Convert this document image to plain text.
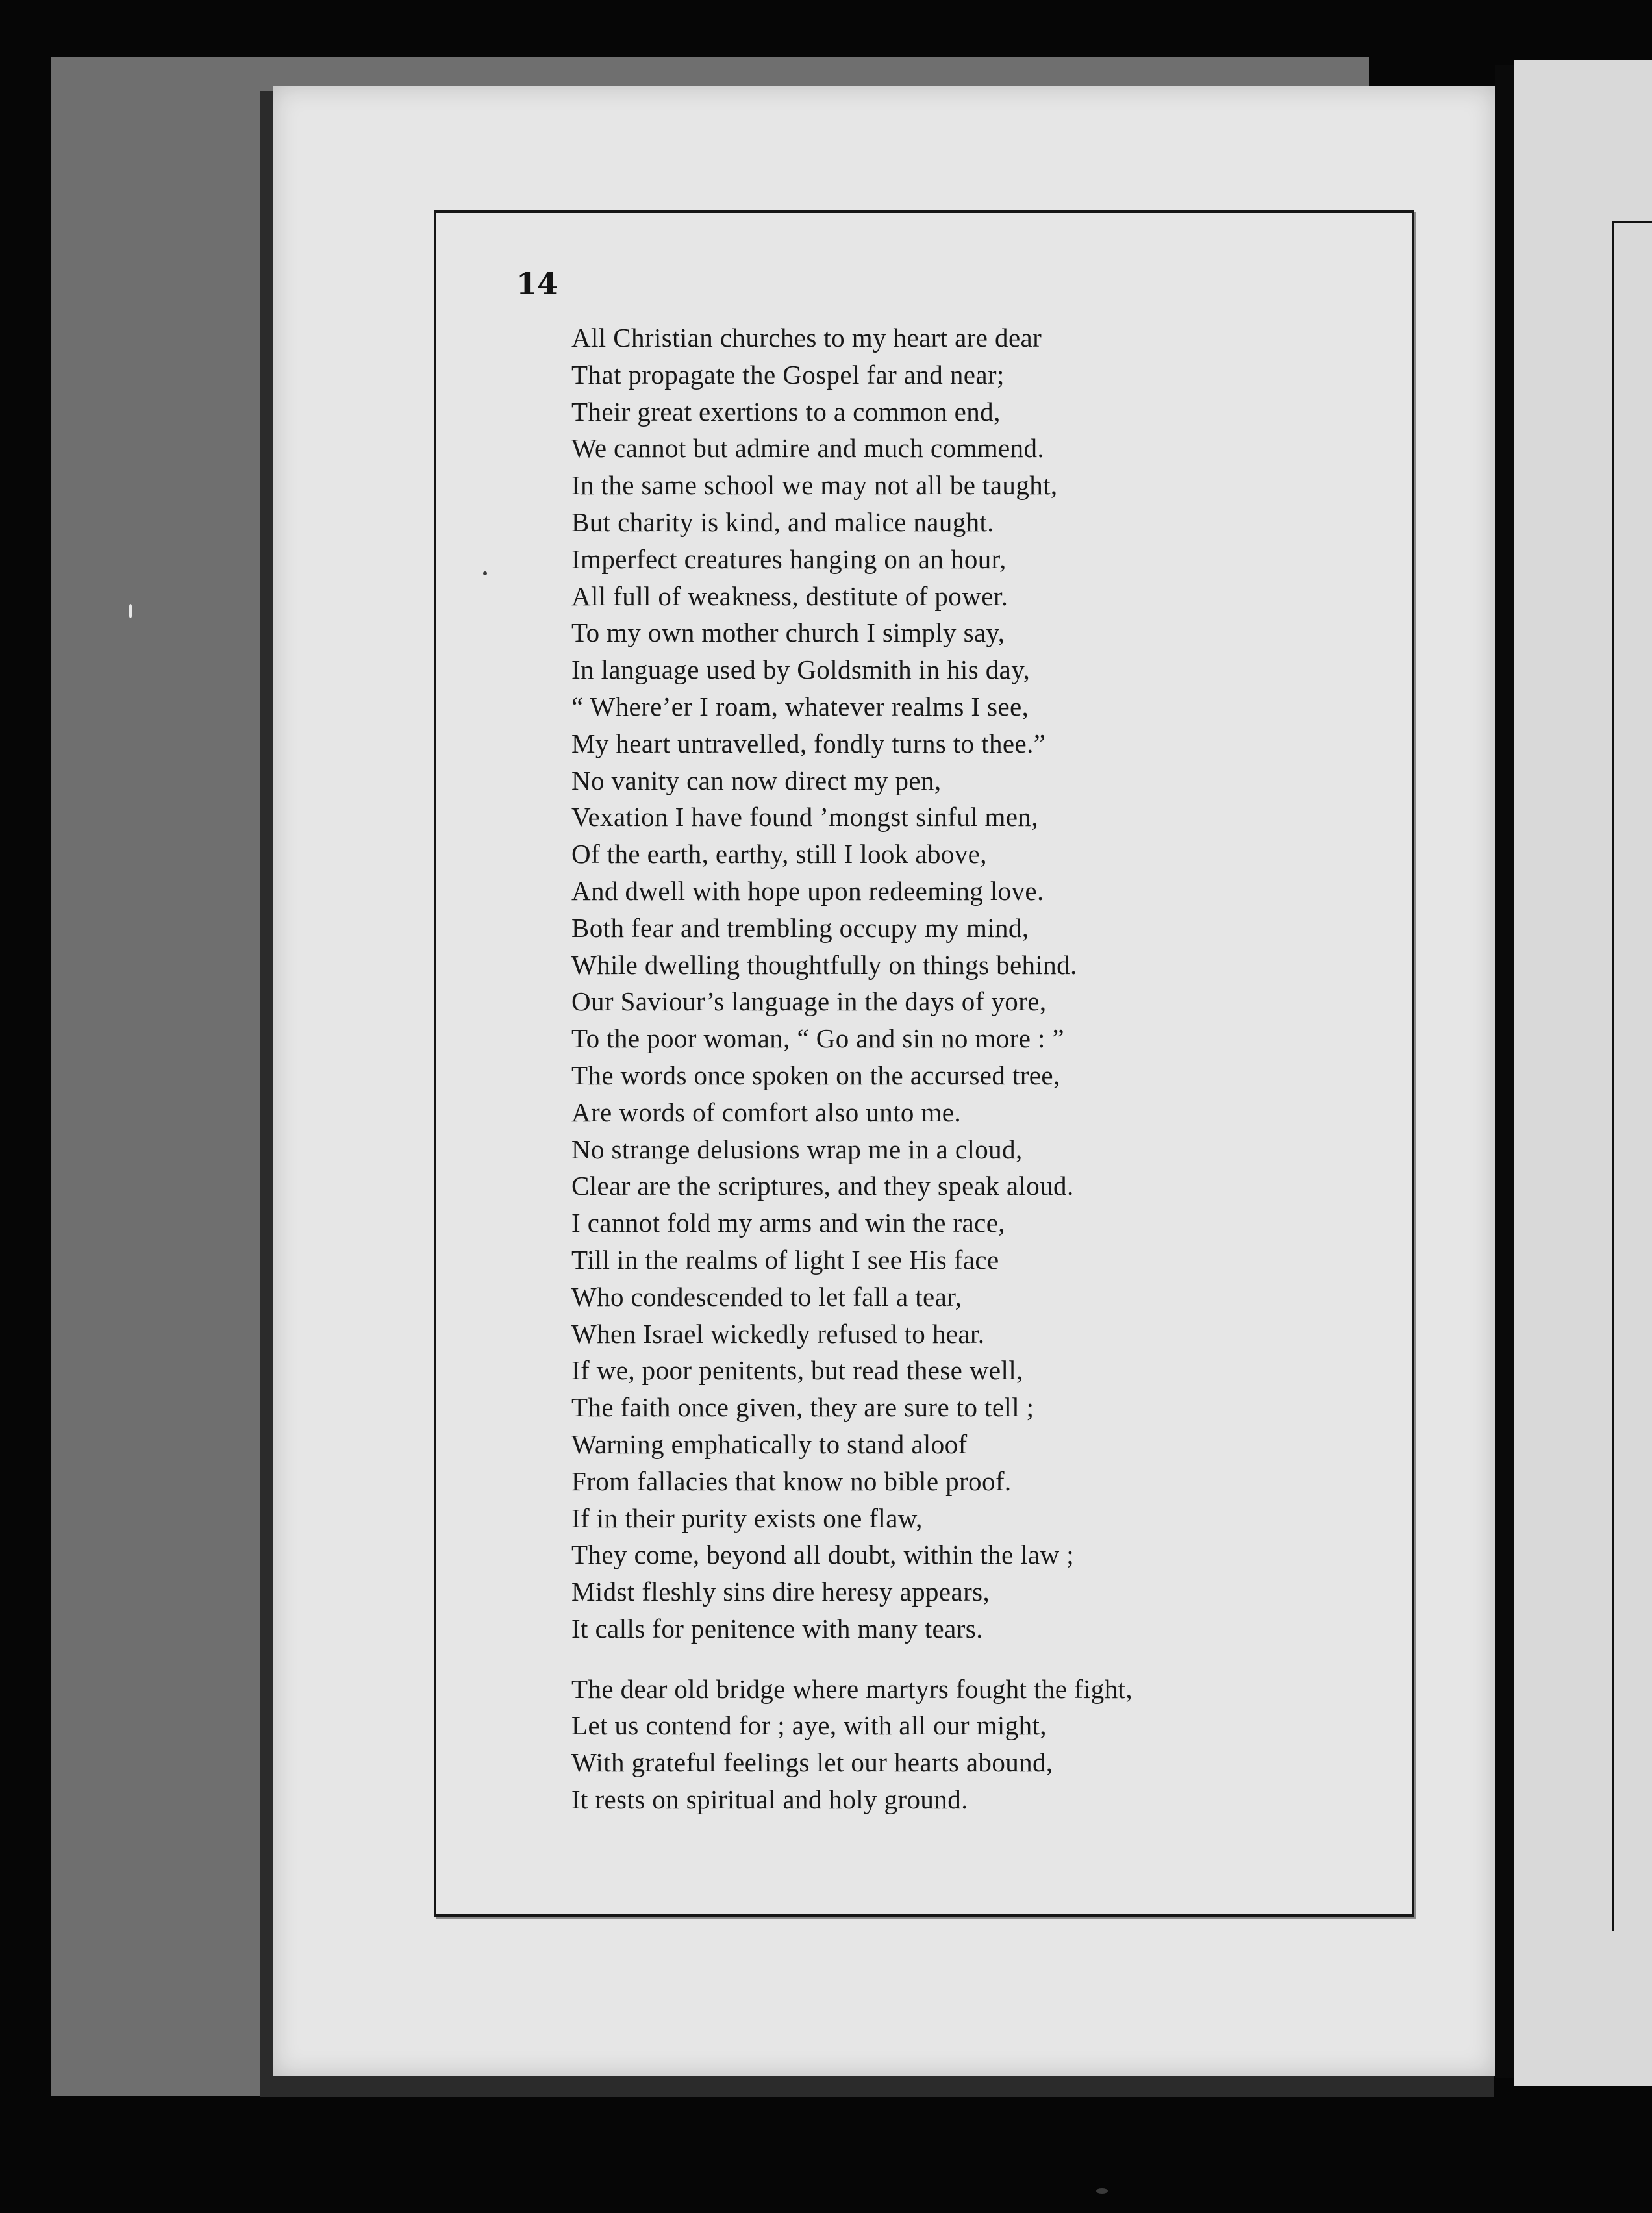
14
All Christian churches to my heart are dear
That propagate the Gospel far and near;
Their great exertions to a common end,
We cannot but admire and much commend.
In the same school we may not all be taught,
But charity is kind, and malice naught.
Imperfect creatures hanging on an hour,
All full of weakness, destitute of power.
To my own mother church I simply say,
In language used by Goldsmith in his day,
“ Where’er I roam, whatever realms I see,
My heart untravelled, fondly turns to thee.”
No vanity can now direct my pen,
Vexation I have found ’mongst sinful men,
Of the earth, earthy, still I look above,
And dwell with hope upon redeeming love.
Both fear and trembling occupy my mind,
While dwelling thoughtfully on things behind.
Our Saviour’s language in the days of yore,
To the poor woman, “ Go and sin no more : ”
The words once spoken on the accursed tree,
Are words of comfort also unto me.
No strange delusions wrap me in a cloud,
Clear are the scriptures, and they speak aloud.
I cannot fold my arms and win the race,
Till in the realms of light I see His face
Who condescended to let fall a tear,
When Israel wickedly refused to hear.
If we, poor penitents, but read these well,
The faith once given, they are sure to tell ;
Warning emphatically to stand aloof
From fallacies that know no bible proof.
If in their purity exists one flaw,
They come, beyond all doubt, within the law ;
Midst fleshly sins dire heresy appears,
It calls for penitence with many tears.
The dear old bridge where martyrs fought the fight,
Let us contend for ; aye, with all our might,
With grateful feelings let our hearts abound,
It rests on spiritual and holy ground.
